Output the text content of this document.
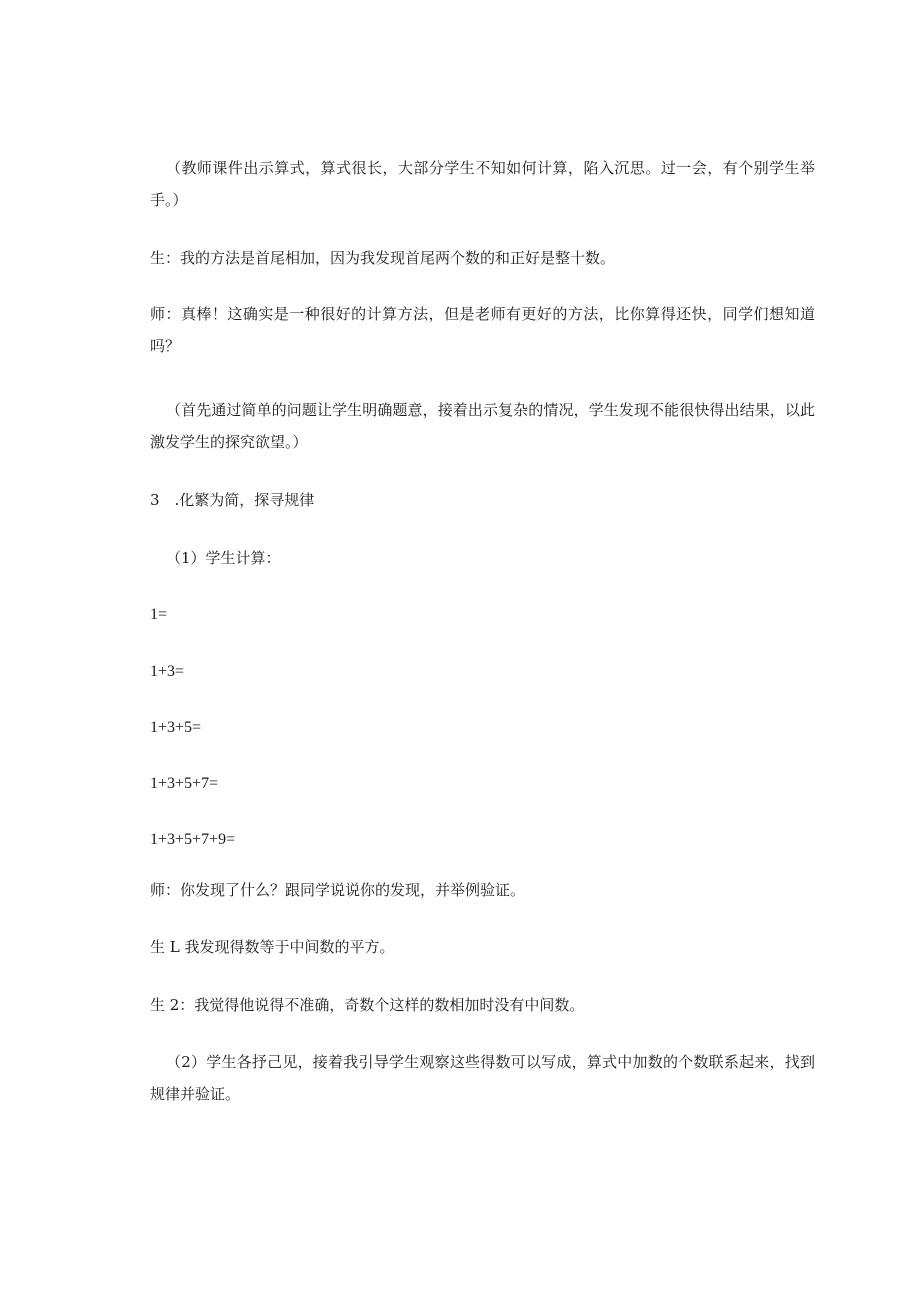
（教师课件出示算式，算式很长，大部分学生不知如何计算，陷入沉思。过一会，有个别学生举手。）
生：我的方法是首尾相加，因为我发现首尾两个数的和正好是整十数。
师：真棒！这确实是一种很好的计算方法，但是老师有更好的方法，比你算得还快，同学们想知道吗？
（首先通过简单的问题让学生明确题意，接着出示复杂的情况，学生发现不能很快得出结果，以此激发学生的探究欲望。）
3　.化繁为简，探寻规律
（1）学生计算：
1=
1+3=
1+3+5=
1+3+5+7=
1+3+5+7+9=
师：你发现了什么？跟同学说说你的发现，并举例验证。
生 L 我发现得数等于中间数的平方。
生 2：我觉得他说得不准确，奇数个这样的数相加时没有中间数。
（2）学生各抒己见，接着我引导学生观察这些得数可以写成，算式中加数的个数联系起来，找到规律并验证。
